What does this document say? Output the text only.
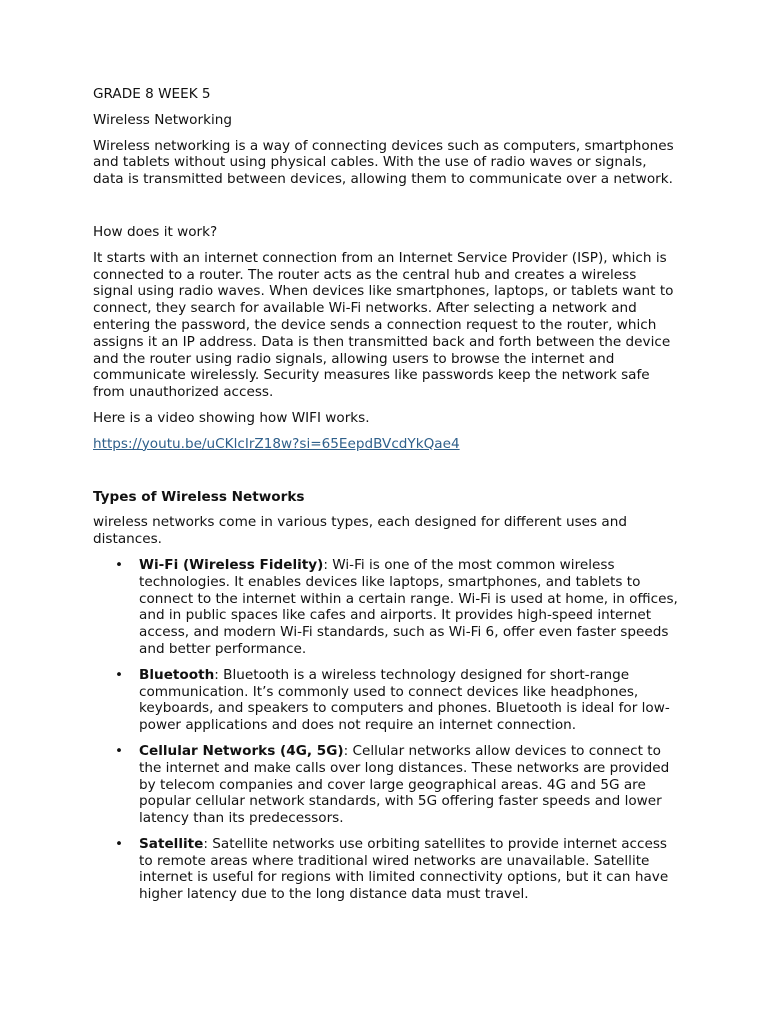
GRADE 8 WEEK 5

Wireless Networking

Wireless networking is a way of connecting devices such as computers, smartphones and tablets without using physical cables. With the use of radio waves or signals, data is transmitted between devices, allowing them to communicate over a network.

How does it work?

It starts with an internet connection from an Internet Service Provider (ISP), which is connected to a router. The router acts as the central hub and creates a wireless signal using radio waves. When devices like smartphones, laptops, or tablets want to connect, they search for available Wi-Fi networks. After selecting a network and entering the password, the device sends a connection request to the router, which assigns it an IP address. Data is then transmitted back and forth between the device and the router using radio signals, allowing users to browse the internet and communicate wirelessly. Security measures like passwords keep the network safe from unauthorized access.

Here is a video showing how WIFI works.

https://youtu.be/uCKlcIrZ18w?si=65EepdBVcdYkQae4

Types of Wireless Networks

wireless networks come in various types, each designed for different uses and distances.

• Wi-Fi (Wireless Fidelity): Wi-Fi is one of the most common wireless technologies. It enables devices like laptops, smartphones, and tablets to connect to the internet within a certain range. Wi-Fi is used at home, in offices, and in public spaces like cafes and airports. It provides high-speed internet access, and modern Wi-Fi standards, such as Wi-Fi 6, offer even faster speeds and better performance.
• Bluetooth: Bluetooth is a wireless technology designed for short-range communication. It’s commonly used to connect devices like headphones, keyboards, and speakers to computers and phones. Bluetooth is ideal for low-power applications and does not require an internet connection.
• Cellular Networks (4G, 5G): Cellular networks allow devices to connect to the internet and make calls over long distances. These networks are provided by telecom companies and cover large geographical areas. 4G and 5G are popular cellular network standards, with 5G offering faster speeds and lower latency than its predecessors.
• Satellite: Satellite networks use orbiting satellites to provide internet access to remote areas where traditional wired networks are unavailable. Satellite internet is useful for regions with limited connectivity options, but it can have higher latency due to the long distance data must travel.
